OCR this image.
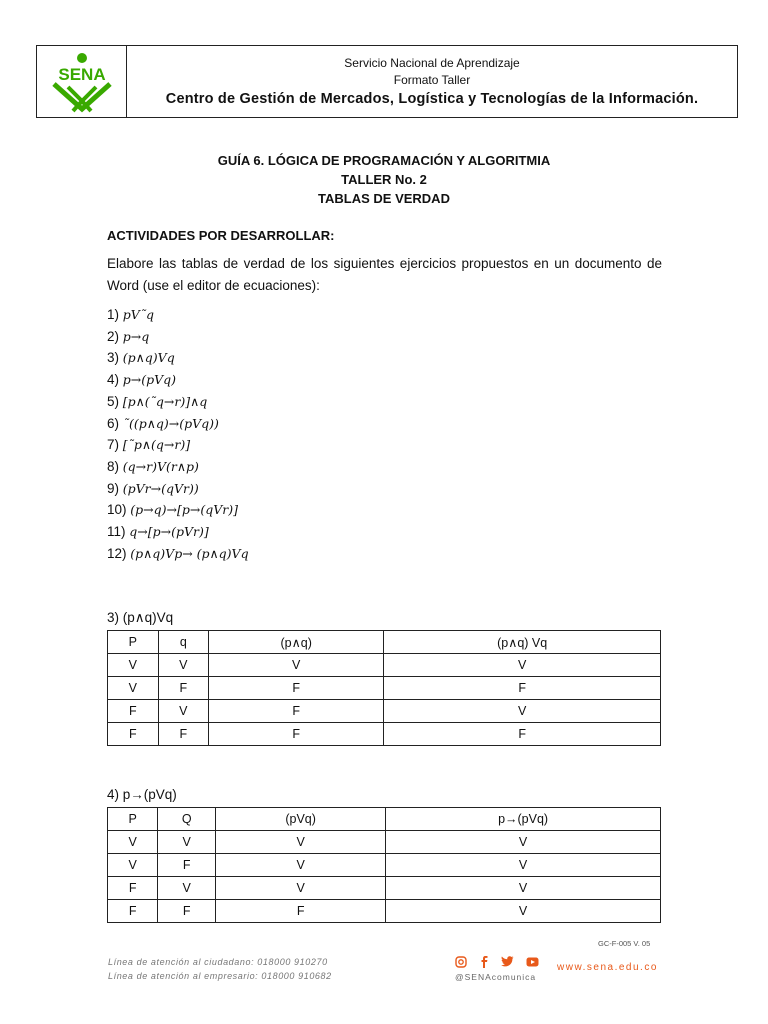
SENA
Servicio Nacional de Aprendizaje
Formato Taller
Centro de Gestión de Mercados, Logística y Tecnologías de la Información.
GUÍA 6. LÓGICA DE PROGRAMACIÓN Y ALGORITMIA
TALLER No. 2
TABLAS DE VERDAD
ACTIVIDADES POR DESARROLLAR:
Elabore las tablas de verdad de los siguientes ejercicios propuestos en un documento de Word (use el editor de ecuaciones):
1) pV˜q
2) p→q
3) (p∧q)Vq
4) p→(pVq)
5) [p∧(˜q→r)]∧q
6) ˜((p∧q)→(pVq))
7) [˜p∧(q→r)]
8) (q→r)V(r∧p)
9) (pVr→(qVr))
10) (p→q)→[p→(qVr)]
11) q→[p→(pVr)]
12) (p∧q)Vp→ (p∧q)Vq
3) (p∧q)Vq
P	q	(p∧q)	(p∧q) Vq
V	V	V	V
V	F	F	F
F	V	F	V
F	F	F	F
4) p→(pVq)
P	Q	(pVq)	p→(pVq)
V	V	V	V
V	F	V	V
F	V	V	V
F	F	F	V
GC-F-005 V. 05
Línea de atención al ciudadano: 018000 910270
Línea de atención al empresario: 018000 910682	@SENAcomunica
www.sena.edu.co
